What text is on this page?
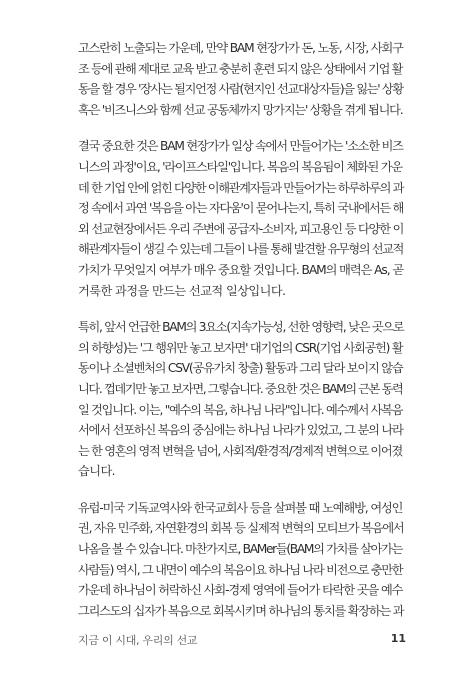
고스란히 노출되는 가운데, 만약 BAM 현장가가 돈, 노동, 시장, 사회구
조 등에 관해 제대로 교육 받고 충분히 훈련 되지 않은 상태에서 기업 활
동을 할 경우 '장사는 될지언정 사람(현지인 선교대상자들)을 잃는' 상황
혹은 '비즈니스와 함께 선교 공동체까지 망가지는' 상황을 겪게 됩니다.
결국 중요한 것은 BAM 현장가가 일상 속에서 만들어가는 '소소한 비즈
니스의 과정'이요, '라이프스타일'입니다. 복음의 복음됨이 체화된 가운
데 한 기업 안에 얽힌 다양한 이해관계자들과 만들어가는 하루하루의 과
정 속에서 과연 '복음을 아는 자다움'이 묻어나는지, 특히 국내에서든 해
외 선교현장에서든 우리 주변에 공급자-소비자, 피고용인 등 다양한 이
해관계자들이 생길 수 있는데 그들이 나를 통해 발견할 유무형의 선교적
가치가 무엇일지 여부가 매우 중요할 것입니다. BAM의 매력은 As, 곧
거룩한 과정을 만드는 선교적 일상입니다.
특히, 앞서 언급한 BAM의 3요소(지속가능성, 선한 영향력, 낮은 곳으로
의 하향성)는 '그 행위만 놓고 보자면' 대기업의 CSR(기업 사회공헌) 활
동이나 소셜벤처의 CSV(공유가치 창출) 활동과 그리 달라 보이지 않습
니다. 껍데기만 놓고 보자면, 그렇습니다. 중요한 것은 BAM의 근본 동력
일 것입니다. 이는, "예수의 복음, 하나님 나라"입니다. 예수께서 사복음
서에서 선포하신 복음의 중심에는 하나님 나라가 있었고, 그 분의 나라
는 한 영혼의 영적 변혁을 넘어, 사회적/환경적/경제적 변혁으로 이어졌
습니다.
유럽-미국 기독교역사와 한국교회사 등을 살펴볼 때 노예해방, 여성인
권, 자유 민주화, 자연환경의 회복 등 실제적 변혁의 모티브가 복음에서
나옴을 볼 수 있습니다. 마찬가지로, BAMer들(BAM의 가치를 살아가는
사람들) 역시, 그 내면이 예수의 복음이요 하나님 나라 비전으로 충만한
가운데 하나님이 허락하신 사회-경제 영역에 들어가 타락한 곳을 예수
그리스도의 십자가 복음으로 회복시키며 하나님의 통치를 확장하는 과
지금 이 시대, 우리의 선교	11
